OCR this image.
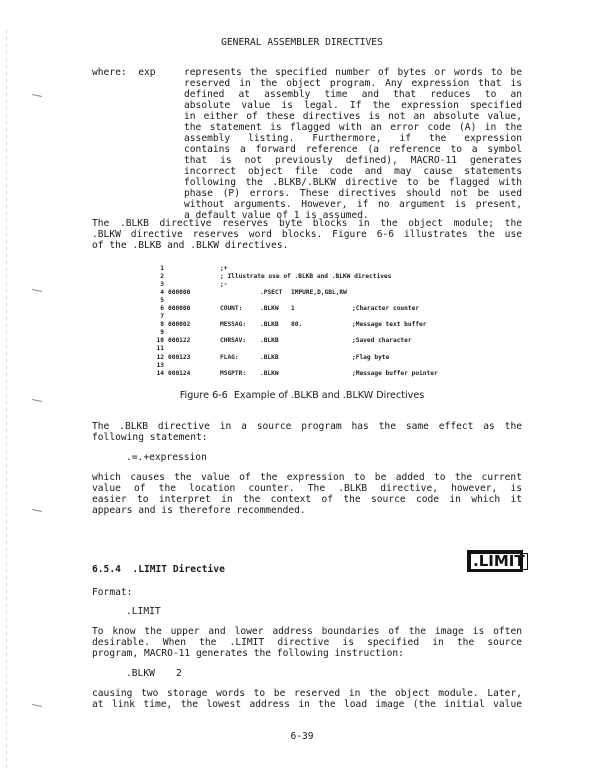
GENERAL ASSEMBLER DIRECTIVES
where:  exp	represents the specified number of bytes or words to be
reserved in the object program. Any expression that is
defined at assembly time and that reduces to an
absolute value is legal. If the expression specified
in either of these directives is not an absolute value,
the statement is flagged with an error code (A) in the
assembly listing. Furthermore, if the expression
contains a forward reference (a reference to a symbol
that is not previously defined), MACRO-11 generates
incorrect object file code and may cause statements
following the .BLKB/.BLKW directive to be flagged with
phase (P) errors. These directives should not be used
without arguments. However, if no argument is present,
a default value of 1 is assumed.
The .BLKB directive reserves byte blocks in the object module; the
.BLKW directive reserves word blocks. Figure 6-6 illustrates the use
of the .BLKB and .BLKW directives.
1	;+
2	; Illustrate use of .BLKB and .BLKW directives
3	;-
4 000000	.PSECT IMPURE,D,GBL,RW
5
6 000000	COUNT:	.BLKW 1	;Character counter
7
8 000002	MESSAG: .BLKB 80.	;Message text buffer
9
10 000122	CHRSAV: .BLKB	;Saved character
11
12 000123	FLAG:	.BLKB	;Flag byte
13
14 000124	MSGPTR: .BLKW	;Message buffer pointer
Figure 6-6  Example of .BLKB and .BLKW Directives
The .BLKB directive in a source program has the same effect as the
following statement:
.=.+expression
which causes the value of the expression to be added to the current
value of the location counter. The .BLKB directive, however, is
easier to interpret in the context of the source code in which it
appears and is therefore recommended.
6.5.4  .LIMIT Directive	.LIMIT
Format:
.LIMIT
To know the upper and lower address boundaries of the image is often
desirable. When the .LIMIT directive is specified in the source
program, MACRO-11 generates the following instruction:
.BLKW 2
causing two storage words to be reserved in the object module. Later,
at link time, the lowest address in the load image (the initial value
6-39
